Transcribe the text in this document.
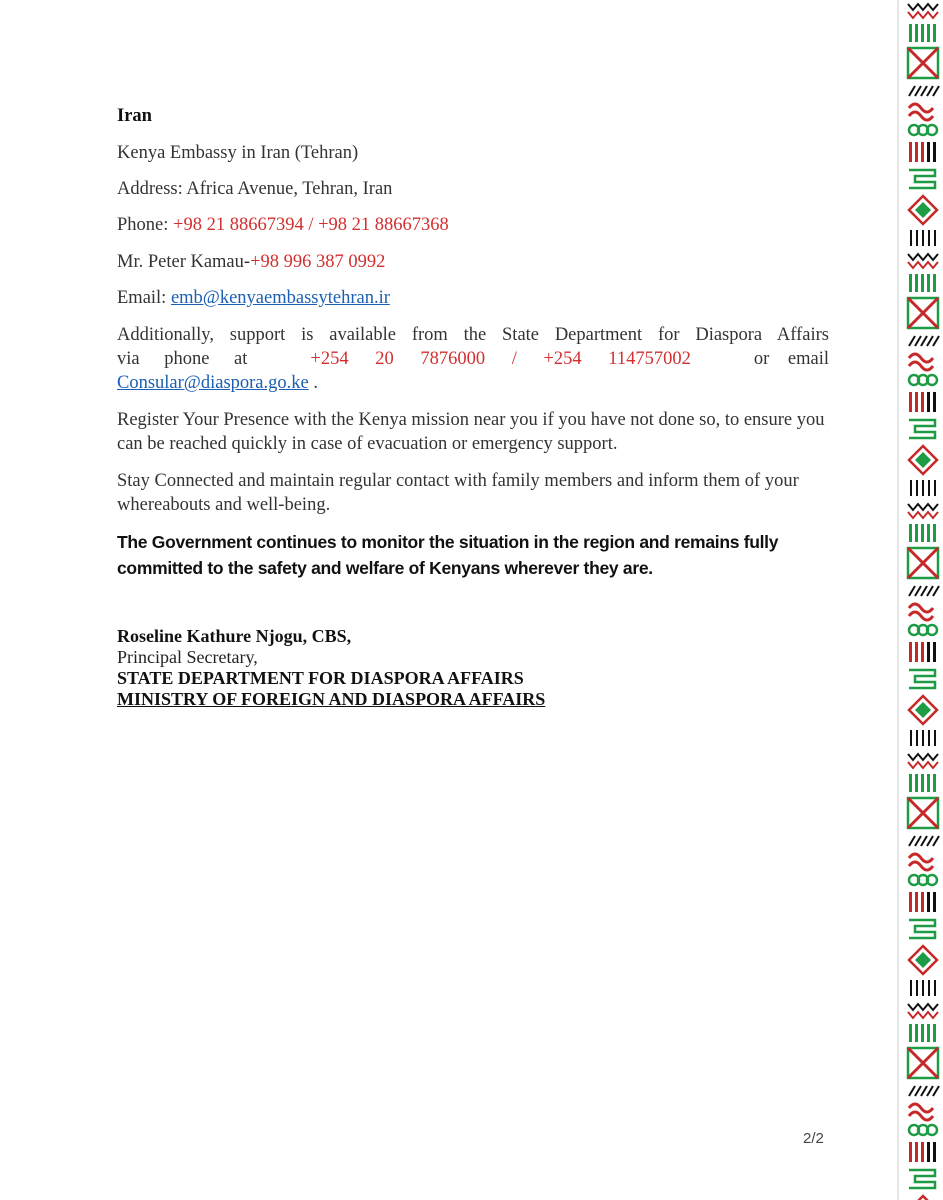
Iran
Kenya Embassy in Iran (Tehran)
Address: Africa Avenue, Tehran, Iran
Phone: +98 21 88667394 / +98 21 88667368
Mr. Peter Kamau-+98 996 387 0992
Email: emb@kenyaembassytehran.ir
Additionally, support is available from the State Department for Diaspora Affairs
via phone at	+254 20 7876000 / +254 114757002	or email
Consular@diaspora.go.ke .
Register Your Presence with the Kenya mission near you if you have not done so, to ensure you can be reached quickly in case of evacuation or emergency support.
Stay Connected and maintain regular contact with family members and inform them of your whereabouts and well-being.
The Government continues to monitor the situation in the region and remains fully committed to the safety and welfare of Kenyans wherever they are.
Roseline Kathure Njogu, CBS,
Principal Secretary,
STATE DEPARTMENT FOR DIASPORA AFFAIRS
MINISTRY OF FOREIGN AND DIASPORA AFFAIRS
2/2
